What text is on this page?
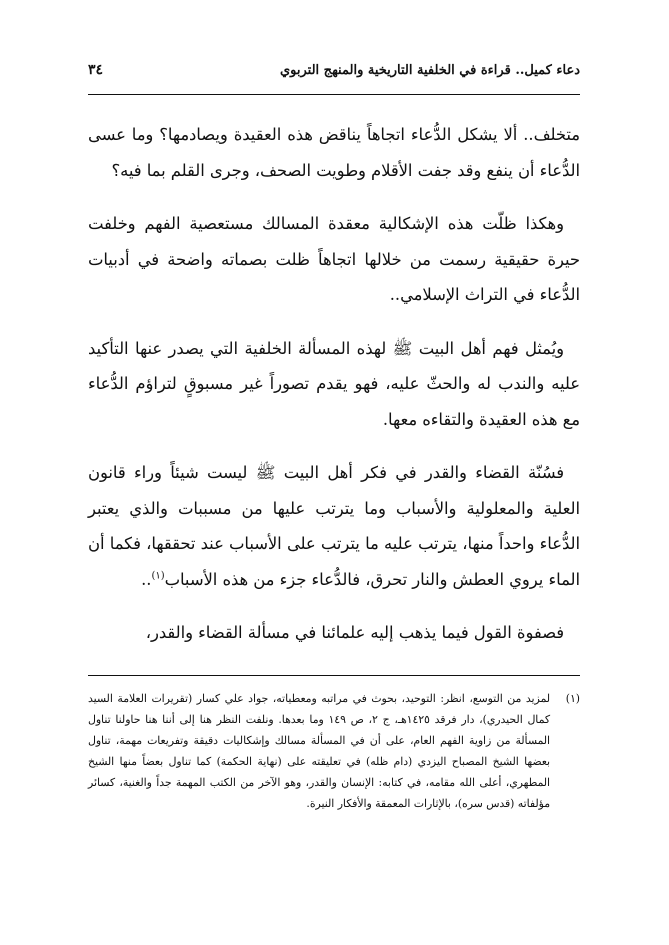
دعاء كميل.. قراءة في الخلفية التاريخية والمنهج التربوي
٣٤

متخلف.. ألا يشكل الدُّعاء اتجاهاً يناقض هذه العقيدة ويصادمها؟ وما عسى الدُّعاء أن ينفع وقد جفت الأقلام وطويت الصحف، وجرى القلم بما فيه؟

وهكذا ظلّت هذه الإشكالية معقدة المسالك مستعصية الفهم وخلفت حيرة حقيقية رسمت من خلالها اتجاهاً ظلت بصماته واضحة في أدبيات الدُّعاء في التراث الإسلامي..

ويُمثل فهم أهل البيت ﷺ لهذه المسألة الخلفية التي يصدر عنها التأكيد عليه والندب له والحثّ عليه، فهو يقدم تصوراً غير مسبوقٍ لتراؤم الدُّعاء مع هذه العقيدة والتقاءه معها.

فسُنّة القضاء والقدر في فكر أهل البيت ﷺ ليست شيئاً وراء قانون العلية والمعلولية والأسباب وما يترتب عليها من مسببات والذي يعتبر الدُّعاء واحداً منها، يترتب عليه ما يترتب على الأسباب عند تحققها، فكما أن الماء يروي العطش والنار تحرق، فالدُّعاء جزء من هذه الأسباب$^{(١)}$..

فصفوة القول فيما يذهب إليه علمائنا في مسألة القضاء والقدر،

(١)
لمزيد من التوسع، انظر: التوحيد، بحوث في مراتبه ومعطياته، جواد علي كسار (تقريرات العلامة السيد كمال الحيدري)، دار فرقد ١٤٢٥هـ، ج ٢، ص ١٤٩ وما بعدها. ونلفت النظر هنا إلى أننا هنا حاولنا تناول المسألة من زاوية الفهم العام، على أن في المسألة مسالك وإشكاليات دقيقة وتفريعات مهمة، تناول بعضها الشيخ المصباح اليزدي (دام ظله) في تعليقته على (نهاية الحكمة) كما تناول بعضاً منها الشيخ المطهري، أعلى الله مقامه، في كتابه: الإنسان والقدر، وهو الآخر من الكتب المهمة جداً والغنية، كسائر مؤلفاته (قدس سره)، بالإثارات المعمقة والأفكار النيرة.
